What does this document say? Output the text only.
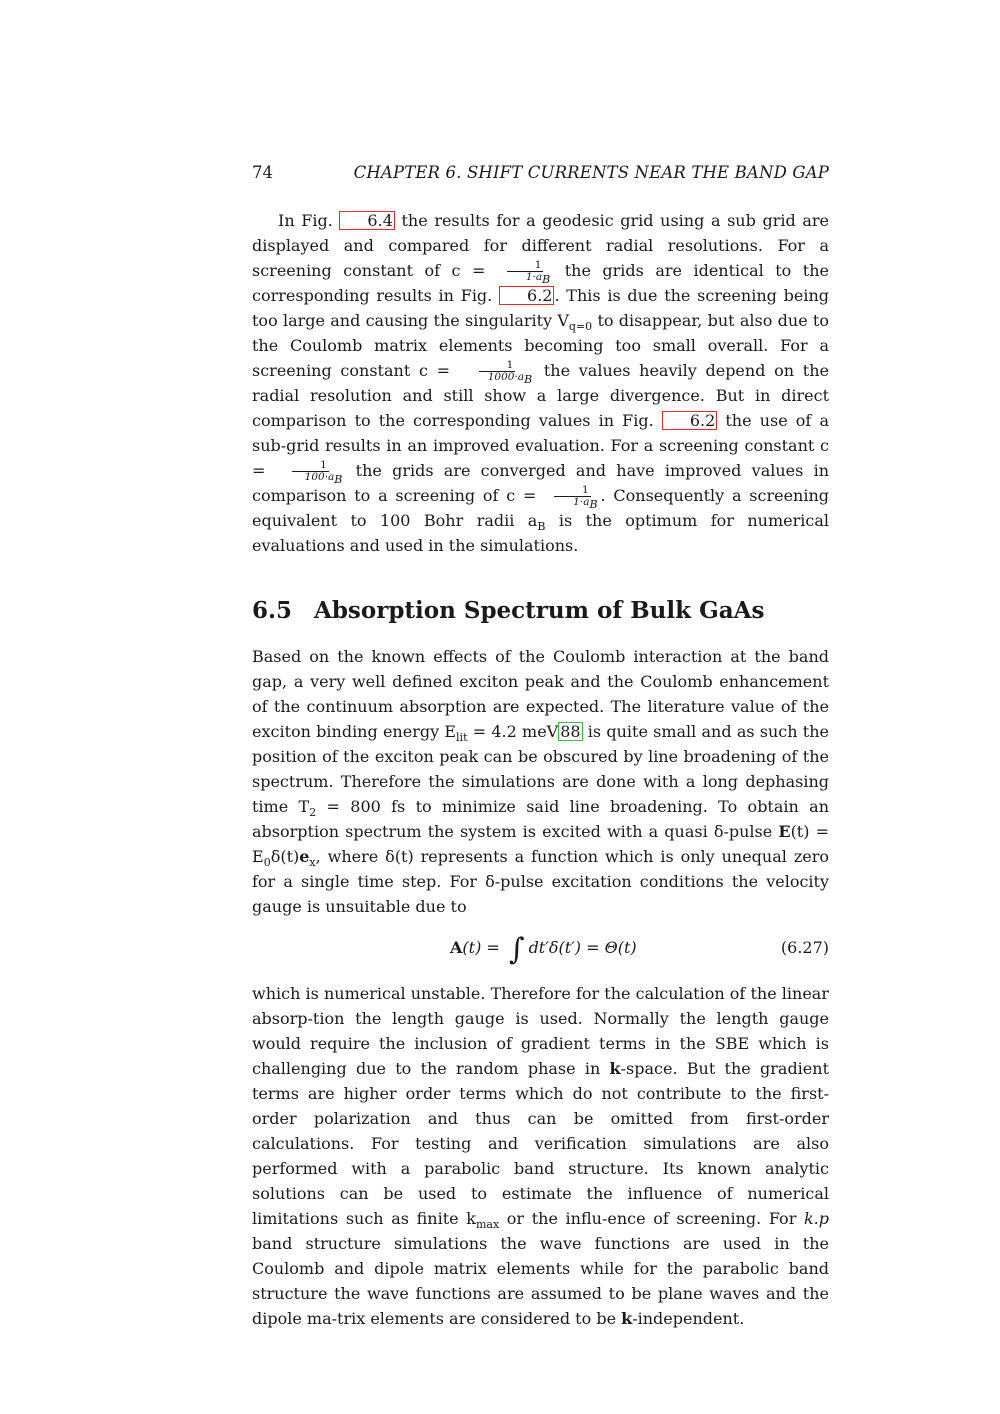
74	CHAPTER 6. SHIFT CURRENTS NEAR THE BAND GAP

In Fig. 6.4 the results for a geodesic grid using a sub grid are displayed and compared for different radial resolutions. For a screening constant of $c = \frac{1}{1\cdot a_B}$ the grids are identical to the corresponding results in Fig. 6.2 . This is due the screening being too large and causing the singularity $V_{q=0}$ to disappear, but also due to the Coulomb matrix elements becoming too small overall. For a screening constant $c = \frac{1}{1000\cdot a_B}$ the values heavily depend on the radial resolution and still show a large divergence. But in direct comparison to the corresponding values in Fig. 6.2 the use of a sub-grid results in an improved evaluation. For a screening constant $c = \frac{1}{100\cdot a_B}$ the grids are converged and have improved values in comparison to a screening of $c = \frac{1}{1\cdot a_B}$ . Consequently a screening equivalent to 100 Bohr radii $a_B$ is the optimum for numerical evaluations and used in the simulations.

6.5 Absorption Spectrum of Bulk GaAs

Based on the known effects of the Coulomb interaction at the band gap, a very well defined exciton peak and the Coulomb enhancement of the continuum absorption are expected. The literature value of the exciton binding energy $E_{lit} = 4.2$ meV 88 is quite small and as such the position of the exciton peak can be obscured by line broadening of the spectrum. Therefore the simulations are done with a long dephasing time $T_2 = 800$ fs to minimize said line broadening. To obtain an absorption spectrum the system is excited with a quasi δ-pulse $E(t) = E_0\delta(t)e_x$, where δ(t) represents a function which is only unequal zero for a single time step. For δ-pulse excitation conditions the velocity gauge is unsuitable due to

A(t) = ∫ dt′δ(t′) = Θ(t)	(6.27)

which is numerical unstable. Therefore for the calculation of the linear absorp-tion the length gauge is used. Normally the length gauge would require the inclusion of gradient terms in the SBE which is challenging due to the random phase in k-space. But the gradient terms are higher order terms which do not contribute to the first-order polarization and thus can be omitted from first-order calculations. For testing and verification simulations are also performed with a parabolic band structure. Its known analytic solutions can be used to estimate the influence of numerical limitations such as finite $k_{max}$ or the influ-ence of screening. For k.p band structure simulations the wave functions are used in the Coulomb and dipole matrix elements while for the parabolic band structure the wave functions are assumed to be plane waves and the dipole ma-trix elements are considered to be k-independent.
